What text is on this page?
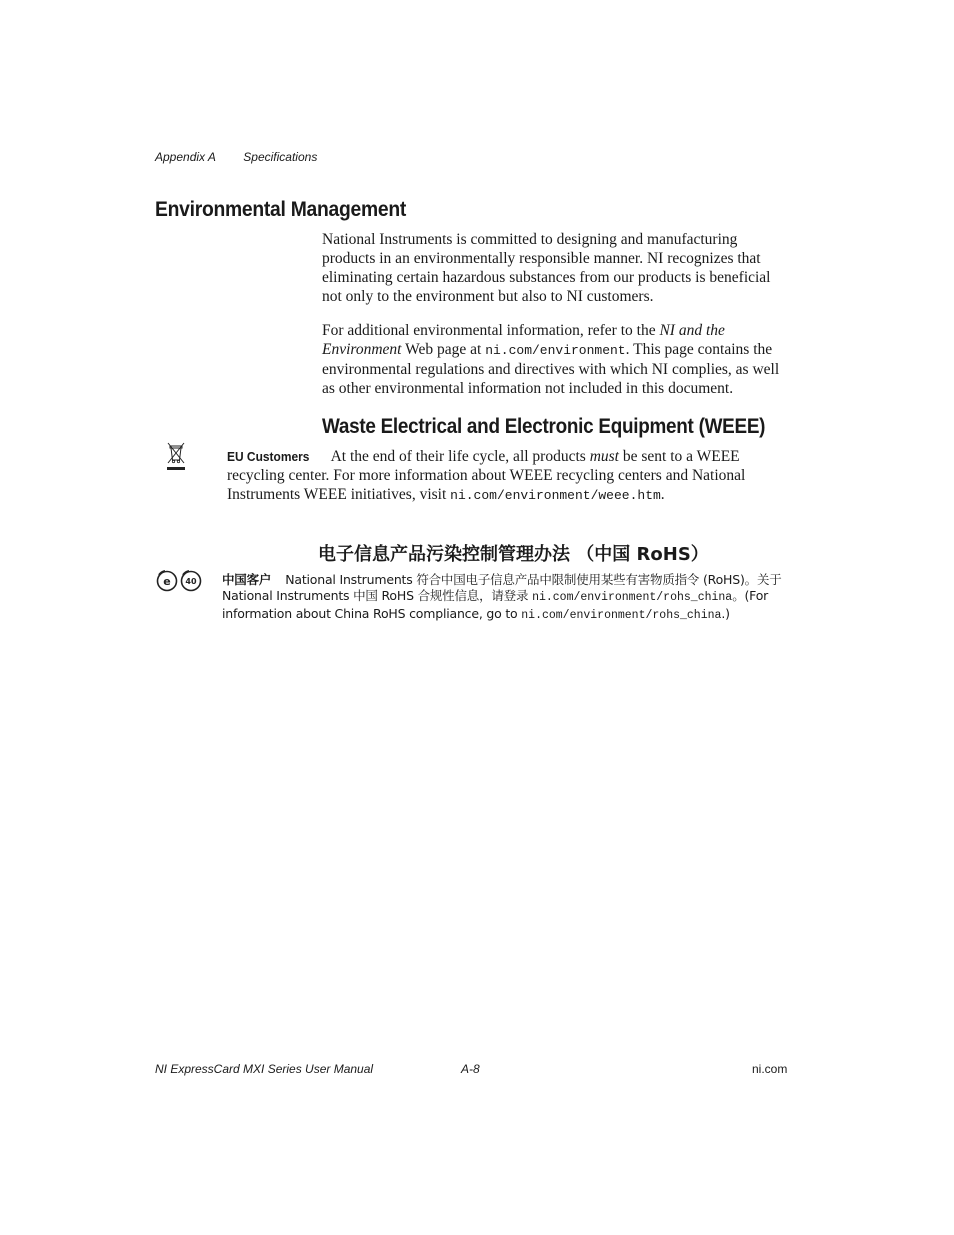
Appendix A Specifications
Environmental Management

National Instruments is committed to designing and manufacturing products in an environmentally responsible manner. NI recognizes that eliminating certain hazardous substances from our products is beneficial not only to the environment but also to NI customers.

For additional environmental information, refer to the NI and the Environment Web page at ni.com/environment. This page contains the environmental regulations and directives with which NI complies, as well as other environmental information not included in this document.

Waste Electrical and Electronic Equipment (WEEE)

EU Customers At the end of their life cycle, all products must be sent to a WEEE recycling center. For more information about WEEE recycling centers and National Instruments WEEE initiatives, visit ni.com/environment/weee.htm.

电子信息产品污染控制管理办法 （中国 RoHS）
e 40 中国客户 National Instruments 符合中国电子信息产品中限制使用某些有害物质指令 (RoHS)。关于 National Instruments 中国 RoHS 合规性信息，请登录 ni.com/environment/rohs_china。(For information about China RoHS compliance, go to ni.com/environment/rohs_china.)

NI ExpressCard MXI Series User Manual	A-8	ni.com
